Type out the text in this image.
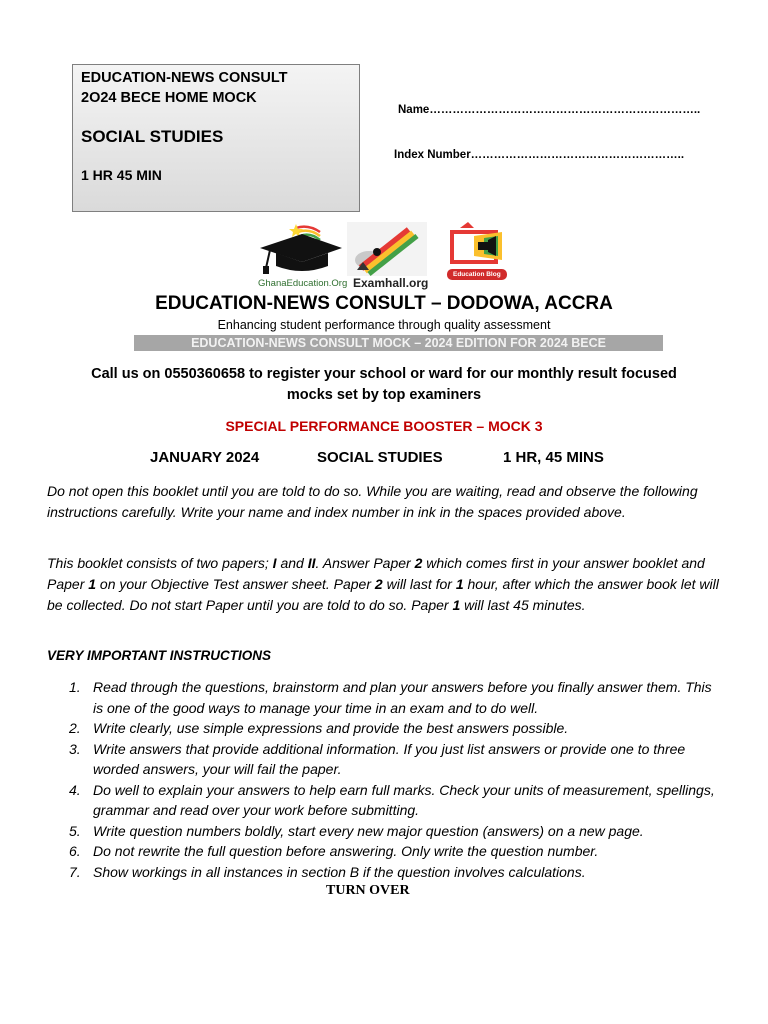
EDUCATION-NEWS CONSULT
2O24 BECE HOME MOCK
SOCIAL STUDIES
1 HR 45 MIN
Name……………………………………………………………..
Index Number………………………………………………..
GhanaEducation.Org Examhall.org
Education Blog
EDUCATION-NEWS CONSULT – DODOWA, ACCRA
Enhancing student performance through quality assessment
EDUCATION-NEWS CONSULT MOCK – 2024 EDITION FOR 2024 BECE
Call us on 0550360658 to register your school or ward for our monthly result focused
mocks set by top examiners
SPECIAL PERFORMANCE BOOSTER – MOCK 3
JANUARY 2024	SOCIAL STUDIES	1 HR, 45 MINS
Do not open this booklet until you are told to do so. While you are waiting, read and observe the following instructions carefully. Write your name and index number in ink in the spaces provided above.
This booklet consists of two papers; I and II. Answer Paper 2 which comes first in your answer booklet and Paper 1 on your Objective Test answer sheet. Paper 2 will last for 1 hour, after which the answer book let will be collected. Do not start Paper until you are told to do so. Paper 1 will last 45 minutes.
VERY IMPORTANT INSTRUCTIONS
1. Read through the questions, brainstorm and plan your answers before you finally answer them. This is one of the good ways to manage your time in an exam and to do well.
2. Write clearly, use simple expressions and provide the best answers possible.
3. Write answers that provide additional information. If you just list answers or provide one to three worded answers, your will fail the paper.
4. Do well to explain your answers to help earn full marks. Check your units of measurement, spellings, grammar and read over your work before submitting.
5. Write question numbers boldly, start every new major question (answers) on a new page.
6. Do not rewrite the full question before answering. Only write the question number.
7. Show workings in all instances in section B if the question involves calculations.
TURN OVER
